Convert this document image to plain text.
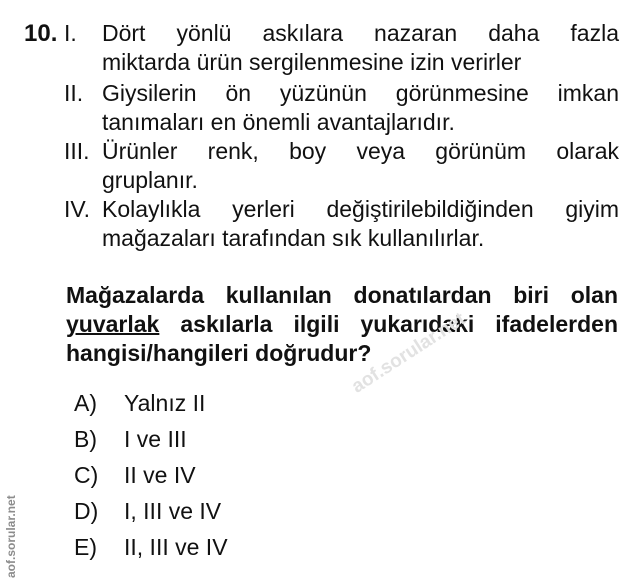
10. I. Dört yönlü askılara nazaran daha fazla
miktarda ürün sergilenmesine izin verirler
II. Giysilerin ön yüzünün görünmesine imkan
tanımaları en önemli avantajlarıdır.
III. Ürünler renk, boy veya görünüm olarak
gruplanır.
IV. Kolaylıkla yerleri değiştirilebildiğinden giyim
mağazaları tarafından sık kullanılırlar.
Mağazalarda kullanılan donatılardan biri olan
yuvarlak askılarla ilgili yukarıdaki ifadelerden
hangisi/hangileri doğrudur?
A) Yalnız II
B) I ve III
C) II ve IV
D) I, III ve IV
E) II, III ve IV
aof.sorular.net
aof.sorular.net
